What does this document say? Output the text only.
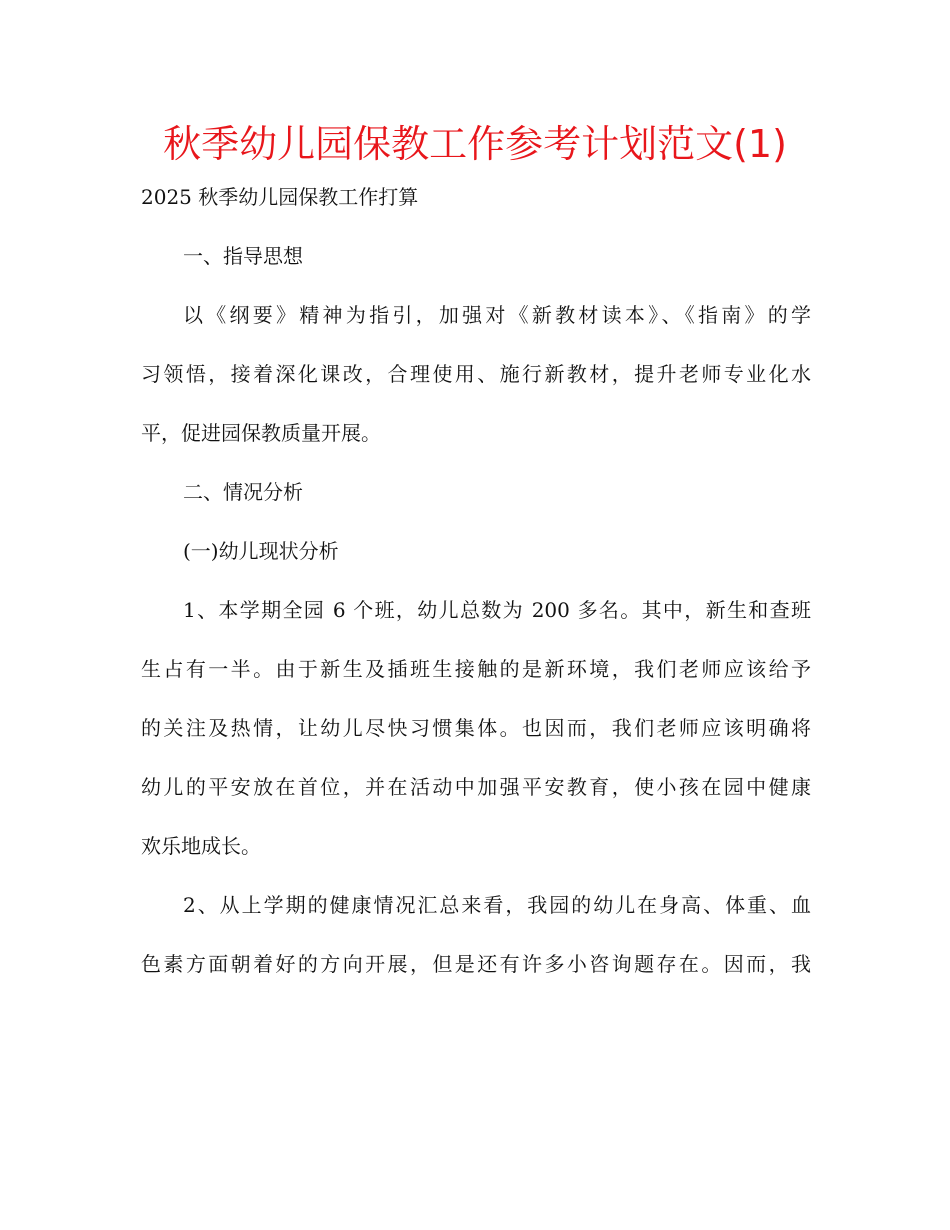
秋季幼儿园保教工作参考计划范文(1)

2025 秋季幼儿园保教工作打算

一、指导思想

以《纲要》精神为指引，加强对《新教材读本》、《指南》的学

习领悟，接着深化课改，合理使用、施行新教材，提升老师专业化水

平，促进园保教质量开展。

二、情况分析

(一)幼儿现状分析

1、本学期全园 6 个班，幼儿总数为 200 多名。其中，新生和查班

生占有一半。由于新生及插班生接触的是新环境，我们老师应该给予

的关注及热情，让幼儿尽快习惯集体。也因而，我们老师应该明确将

幼儿的平安放在首位，并在活动中加强平安教育，使小孩在园中健康

欢乐地成长。

2、从上学期的健康情况汇总来看，我园的幼儿在身高、体重、血

色素方面朝着好的方向开展，但是还有许多小咨询题存在。因而，我
